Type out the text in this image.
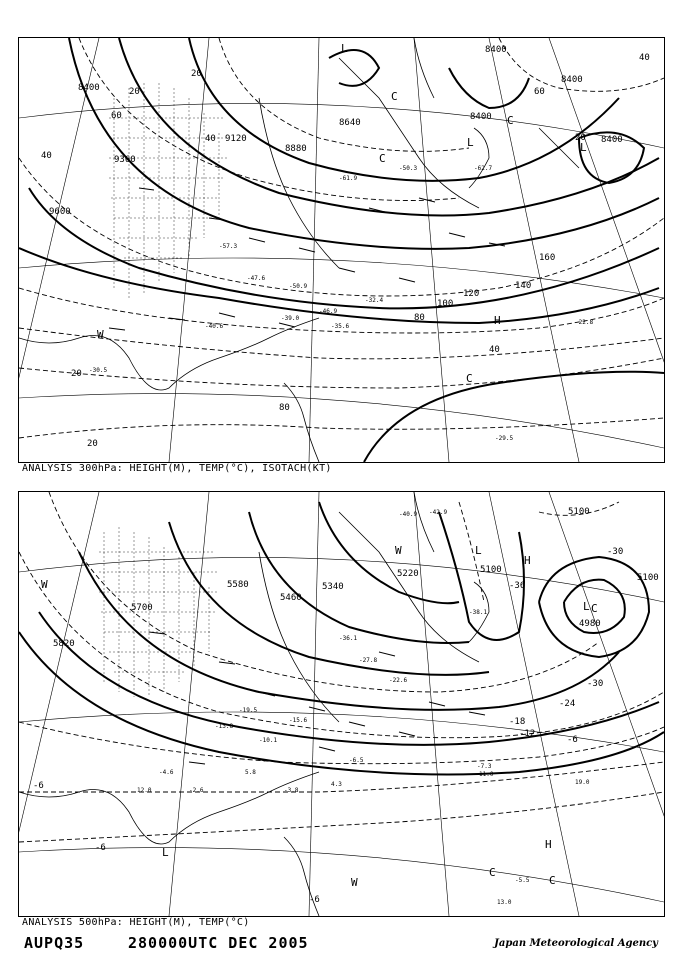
8400
8400
8400
8640
8880
9120
9360
9600
8400
8400
20
20
40
40
40
60
60
80
100
120
140
160
40
20
20
20
80
L
L
C
C
C
W
H
C
L
-62.7
-61.9
-57.3
-50.9
-47.6
-46.9
-40.6
-39.0
-35.6
-32.4
-30.5
-29.5
-22.8
-50.3
ANALYSIS 300hPa: HEIGHT(M), TEMP(°C), ISOTACH(KT)
5100
5100
5100
4980
5220
5340
5460
5580
5700
5820
-30
-30
-36
-24
-18
-12
-6
-6
-6
-6
L
L C
H
W
W
L
H
C
C
W
-42.9
-40.9
-38.1
-36.1
-27.8
-22.6
-19.5
-15.6
-13.8
-10.1
-7.3
-6.5
-5.5
-4.6
-3.8
-2.6
4.3
5.8	11.0
12.0
13.0
19.0
ANALYSIS 500hPa: HEIGHT(M), TEMP(°C)
AUPQ35	280000UTC DEC 2005	Japan Meteorological Agency
